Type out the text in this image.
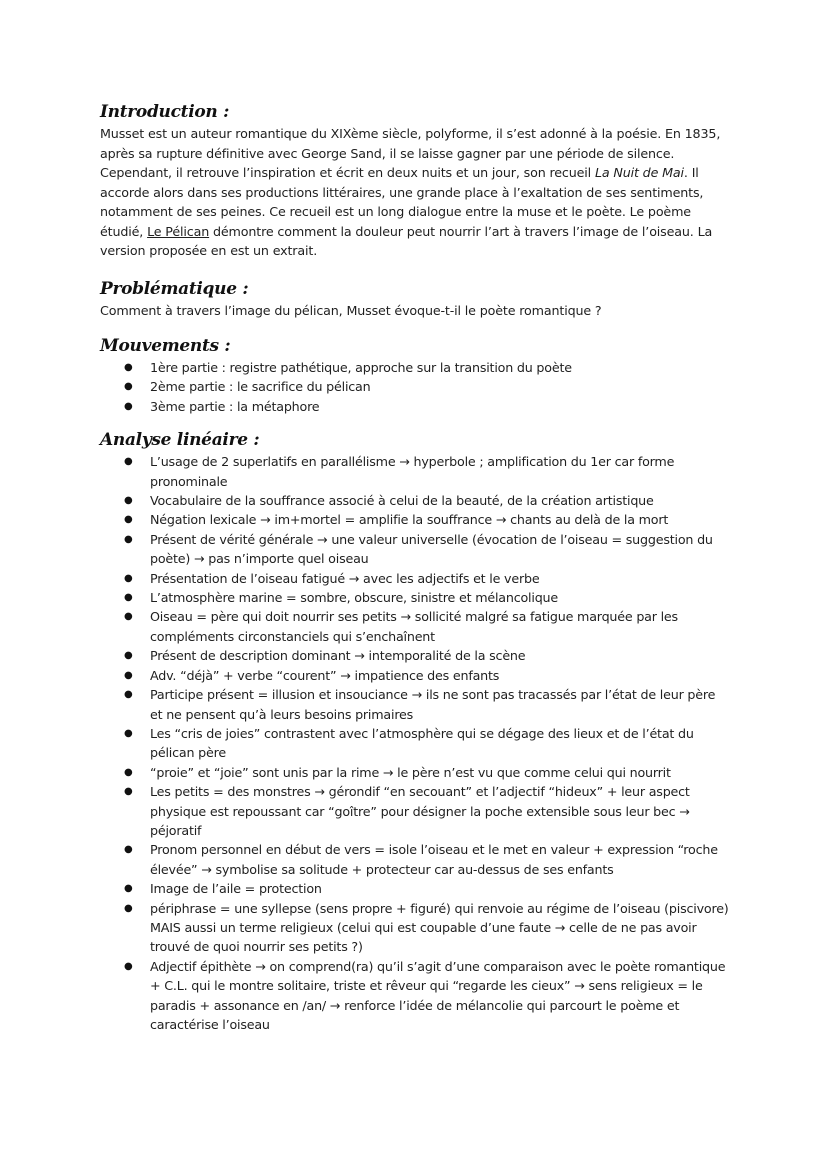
Introduction :

Musset est un auteur romantique du XIXème siècle, polyforme, il s’est adonné à la poésie. En 1835, après sa rupture définitive avec George Sand, il se laisse gagner par une période de silence. Cependant, il retrouve l’inspiration et écrit en deux nuits et un jour, son recueil La Nuit de Mai. Il accorde alors dans ses productions littéraires, une grande place à l’exaltation de ses sentiments, notamment de ses peines. Ce recueil est un long dialogue entre la muse et le poète. Le poème étudié, Le Pélican démontre comment la douleur peut nourrir l’art à travers l’image de l’oiseau. La version proposée en est un extrait.

Problématique :

Comment à travers l’image du pélican, Musset évoque-t-il le poète romantique ?

Mouvements :
● 1ère partie : registre pathétique, approche sur la transition du poète
● 2ème partie : le sacrifice du pélican
● 3ème partie : la métaphore
Analyse linéaire :
● L’usage de 2 superlatifs en parallélisme → hyperbole ; amplification du 1er car forme pronominale
● Vocabulaire de la souffrance associé à celui de la beauté, de la création artistique
● Négation lexicale → im+mortel = amplifie la souffrance → chants au delà de la mort
● Présent de vérité générale → une valeur universelle (évocation de l’oiseau = suggestion du poète) → pas n’importe quel oiseau
● Présentation de l’oiseau fatigué → avec les adjectifs et le verbe
● L’atmosphère marine = sombre, obscure, sinistre et mélancolique
● Oiseau = père qui doit nourrir ses petits → sollicité malgré sa fatigue marquée par les compléments circonstanciels qui s’enchaînent
● Présent de description dominant → intemporalité de la scène
● Adv. “déjà” + verbe “courent” → impatience des enfants
● Participe présent = illusion et insouciance → ils ne sont pas tracassés par l’état de leur père et ne pensent qu’à leurs besoins primaires
● Les “cris de joies” contrastent avec l’atmosphère qui se dégage des lieux et de l’état du pélican père
● “proie” et “joie” sont unis par la rime → le père n’est vu que comme celui qui nourrit
● Les petits = des monstres → gérondif “en secouant” et l’adjectif “hideux” + leur aspect physique est repoussant car “goître” pour désigner la poche extensible sous leur bec → péjoratif
● Pronom personnel en début de vers = isole l’oiseau et le met en valeur + expression “roche élevée” → symbolise sa solitude + protecteur car au-dessus de ses enfants
● Image de l’aile = protection
● périphrase = une syllepse (sens propre + figuré) qui renvoie au régime de l’oiseau (piscivore) MAIS aussi un terme religieux (celui qui est coupable d’une faute → celle de ne pas avoir trouvé de quoi nourrir ses petits ?)
● Adjectif épithète → on comprend(ra) qu’il s’agit d’une comparaison avec le poète romantique + C.L. qui le montre solitaire, triste et rêveur qui “regarde les cieux” → sens religieux = le paradis + assonance en /an/ → renforce l’idée de mélancolie qui parcourt le poème et caractérise l’oiseau
